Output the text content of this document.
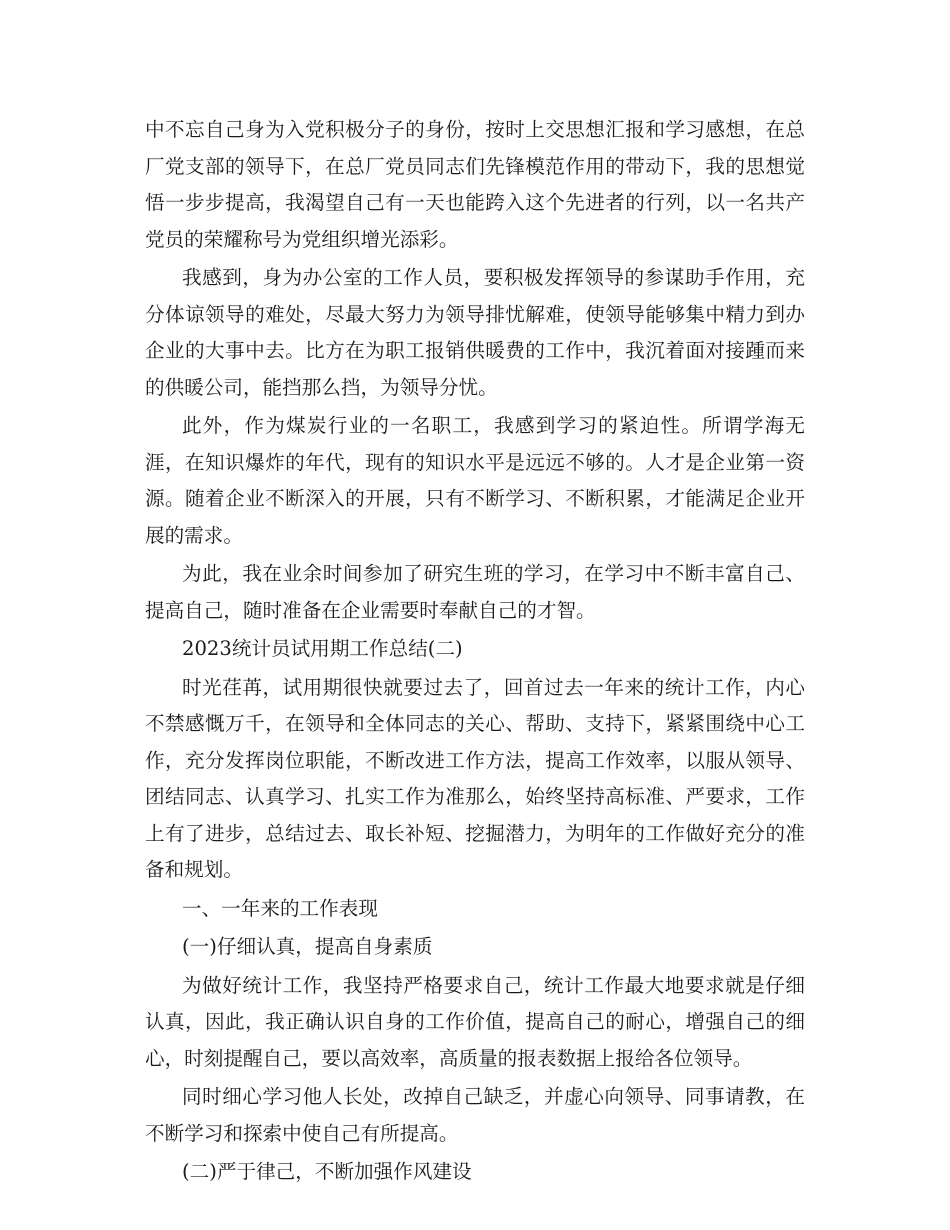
中不忘自己身为入党积极分子的身份，按时上交思想汇报和学习感想，在总厂党支部的领导下，在总厂党员同志们先锋模范作用的带动下，我的思想觉悟一步步提高，我渴望自己有一天也能跨入这个先进者的行列，以一名共产党员的荣耀称号为党组织增光添彩。

我感到，身为办公室的工作人员，要积极发挥领导的参谋助手作用，充分体谅领导的难处，尽最大努力为领导排忧解难，使领导能够集中精力到办企业的大事中去。比方在为职工报销供暖费的工作中，我沉着面对接踵而来的供暖公司，能挡那么挡，为领导分忧。

此外，作为煤炭行业的一名职工，我感到学习的紧迫性。所谓学海无涯，在知识爆炸的年代，现有的知识水平是远远不够的。人才是企业第一资源。随着企业不断深入的开展，只有不断学习、不断积累，才能满足企业开展的需求。

为此，我在业余时间参加了研究生班的学习，在学习中不断丰富自己、提高自己，随时准备在企业需要时奉献自己的才智。

2023统计员试用期工作总结(二)

时光荏苒，试用期很快就要过去了，回首过去一年来的统计工作，内心不禁感慨万千，在领导和全体同志的关心、帮助、支持下，紧紧围绕中心工作，充分发挥岗位职能，不断改进工作方法，提高工作效率，以服从领导、团结同志、认真学习、扎实工作为准那么，始终坚持高标准、严要求，工作上有了进步，总结过去、取长补短、挖掘潜力，为明年的工作做好充分的准备和规划。

一、一年来的工作表现

(一)仔细认真，提高自身素质

为做好统计工作，我坚持严格要求自己，统计工作最大地要求就是仔细认真，因此，我正确认识自身的工作价值，提高自己的耐心，增强自己的细心，时刻提醒自己，要以高效率，高质量的报表数据上报给各位领导。

同时细心学习他人长处，改掉自己缺乏，并虚心向领导、同事请教，在不断学习和探索中使自己有所提高。

(二)严于律己，不断加强作风建设
